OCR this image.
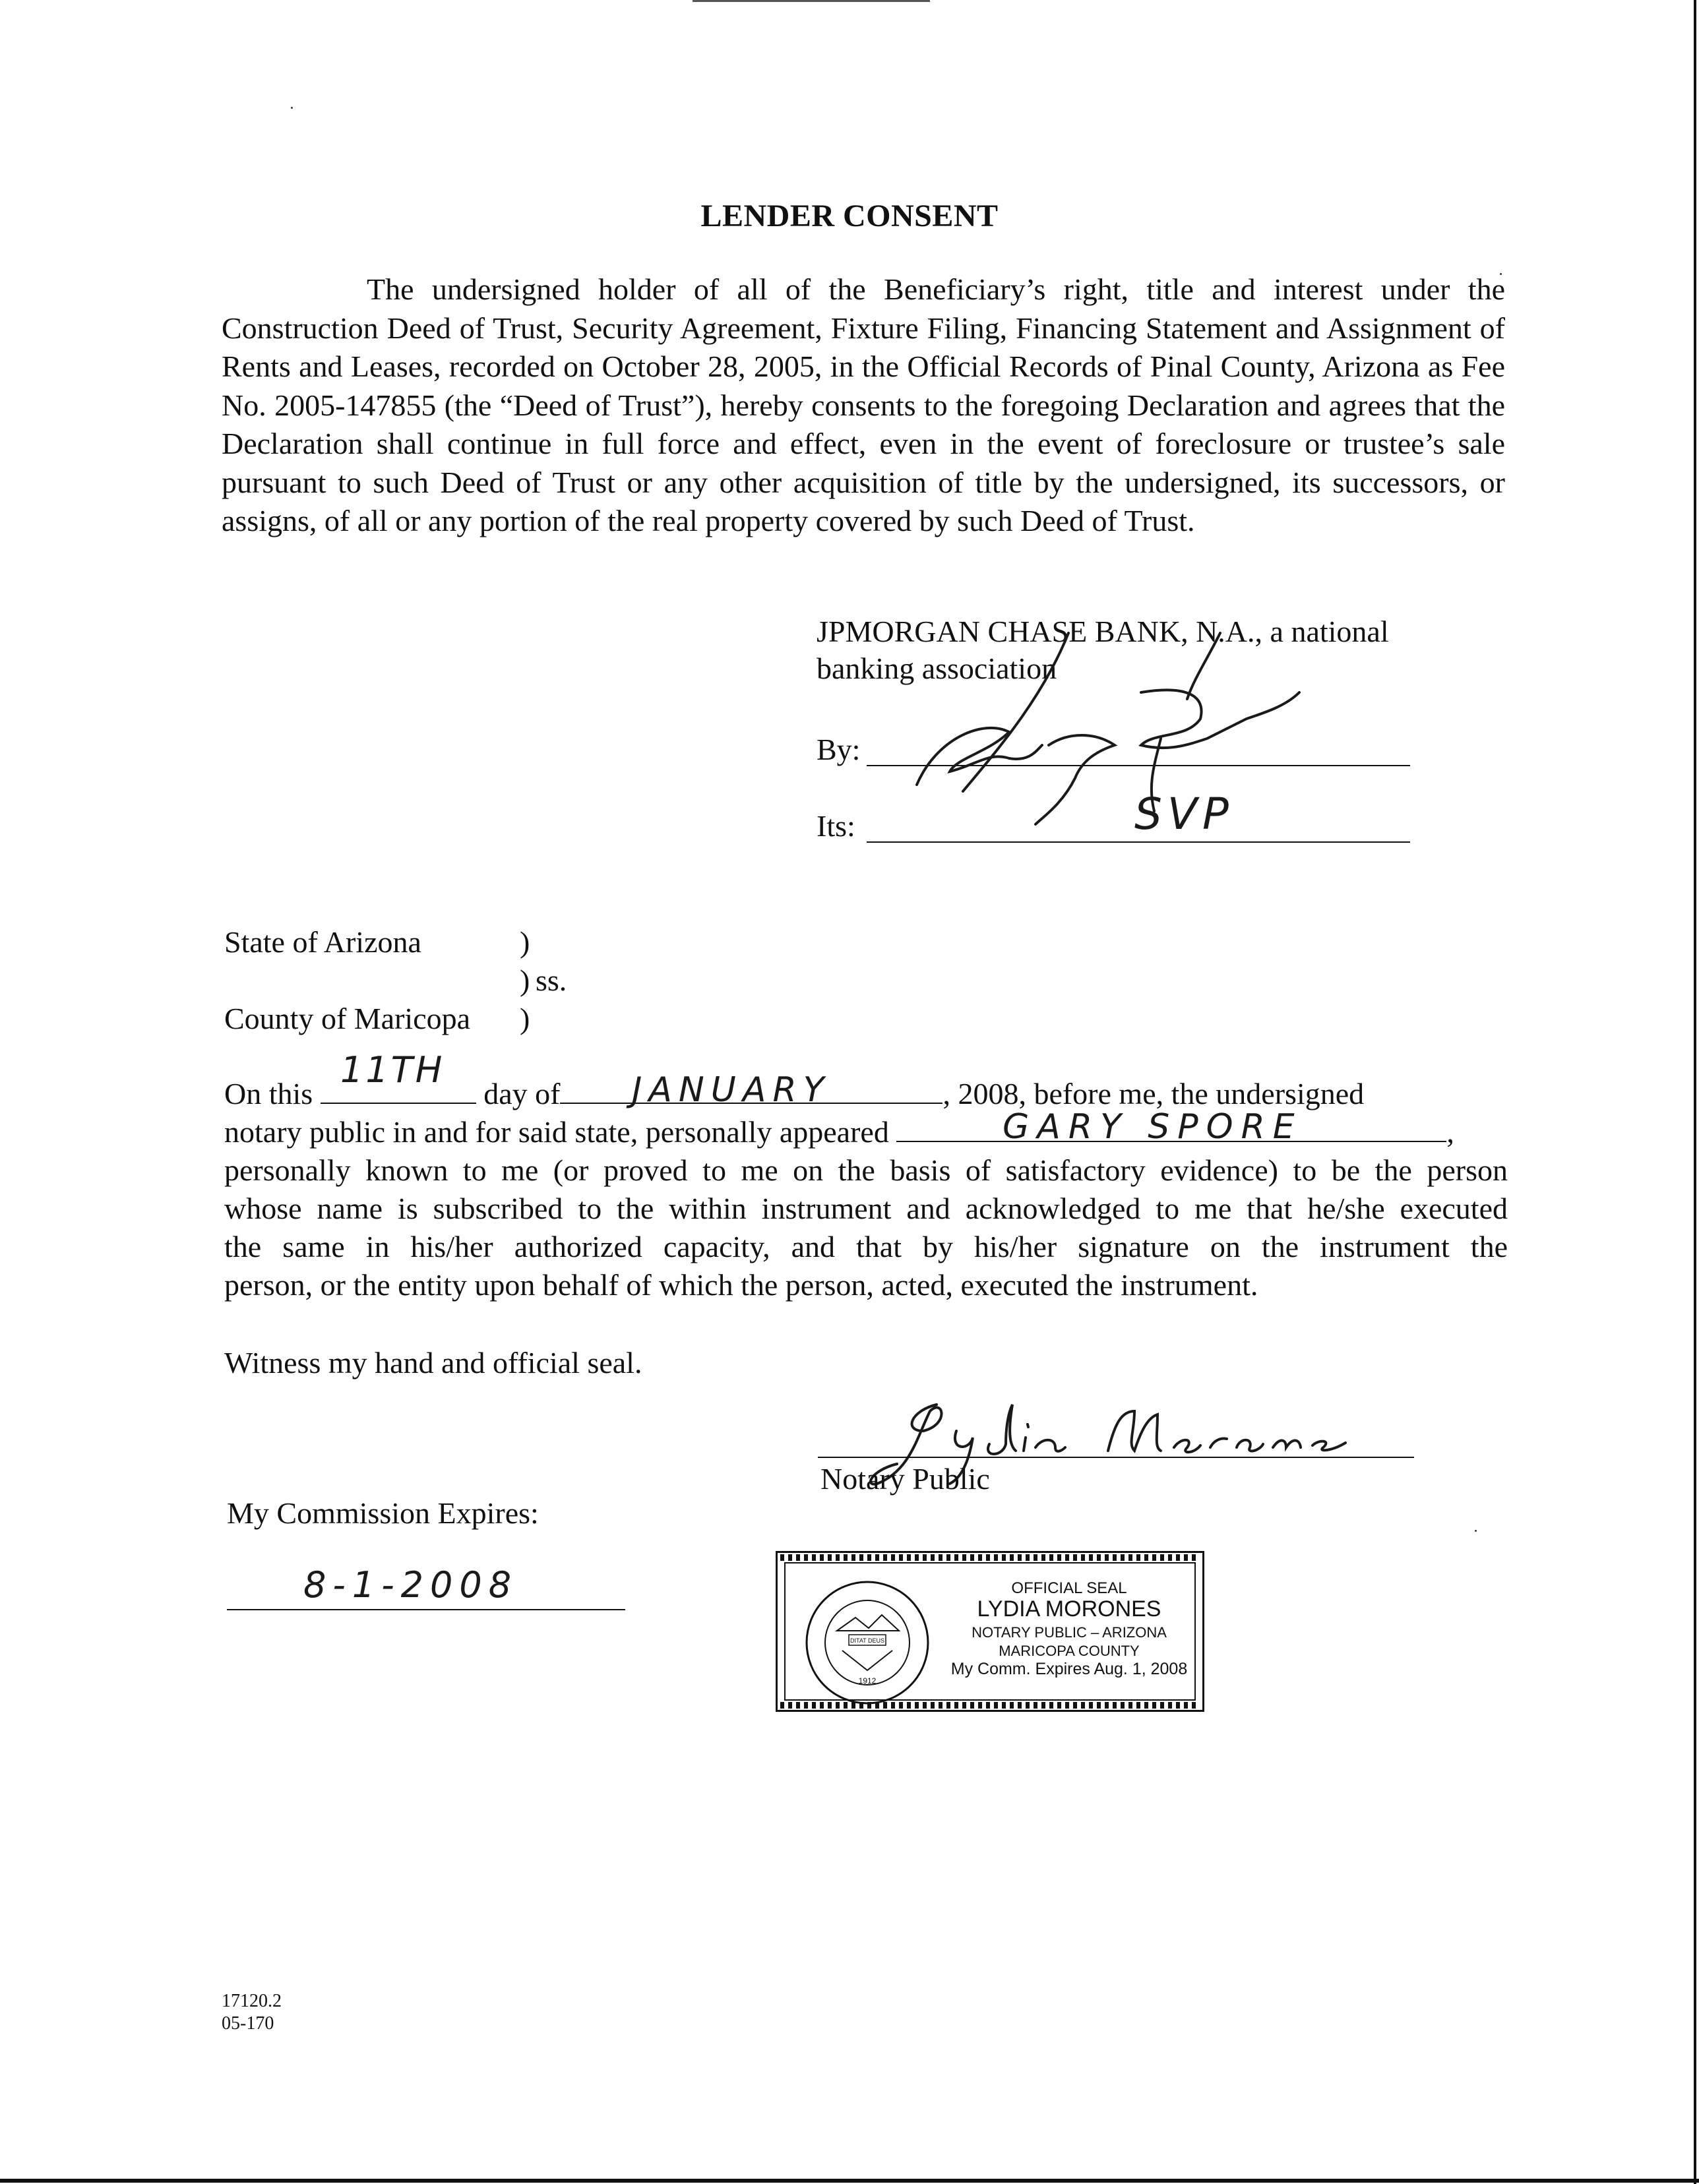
LENDER CONSENT

The undersigned holder of all of the Beneficiary’s right, title and interest under the Construction Deed of Trust, Security Agreement, Fixture Filing, Financing Statement and Assignment of Rents and Leases, recorded on October 28, 2005, in the Official Records of Pinal County, Arizona as Fee No. 2005-147855 (the “Deed of Trust”), hereby consents to the foregoing Declaration and agrees that the Declaration shall continue in full force and effect, even in the event of foreclosure or trustee’s sale pursuant to such Deed of Trust or any other acquisition of title by the undersigned, its successors, or assigns, of all or any portion of the real property covered by such Deed of Trust.

JPMORGAN CHASE BANK, N.A., a national
banking association
By:
Its:	SVP
State of Arizona	)
) ss.
County of Maricopa )
On this	day of	, 2008, before me, the undersigned
11TH	JANUARY
notary public in and for said state, personally appeared	,
GARY SPORE
personally known to me (or proved to me on the basis of satisfactory evidence) to be the person
whose name is subscribed to the within instrument and acknowledged to me that he/she executed
the same in his/her authorized capacity, and that by his/her signature on the instrument the
person, or the entity upon behalf of which the person, acted, executed the instrument.
Witness my hand and official seal.
Notary Public
My Commission Expires:
8-1-2008
DITAT DEUS
1912
OFFICIAL SEAL
LYDIA MORONES
NOTARY PUBLIC – ARIZONA
MARICOPA COUNTY
My Comm. Expires Aug. 1, 2008
17120.2
05-170
